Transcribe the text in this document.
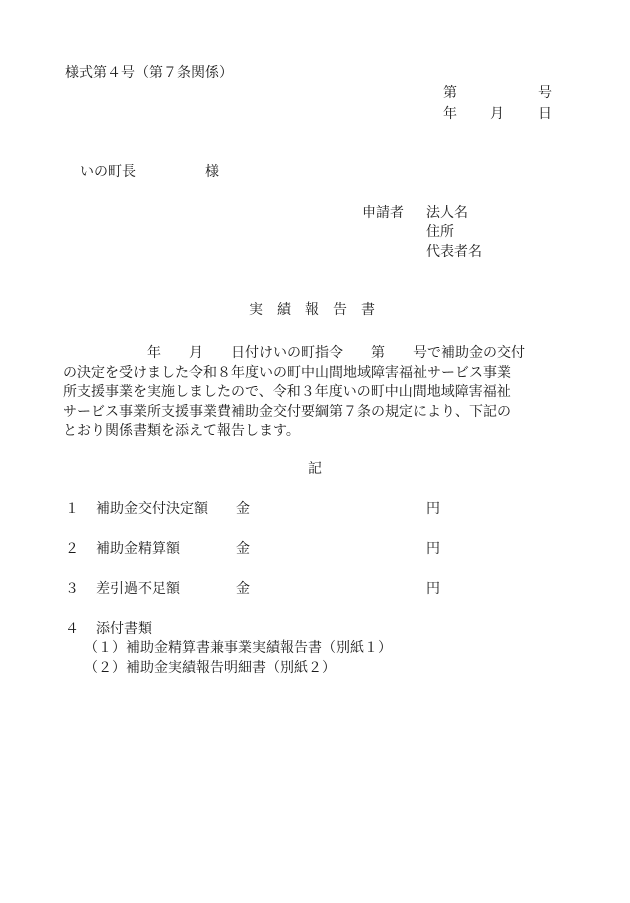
様式第４号（第７条関係）
第	号
年 月 日
いの町長	様
申請者 法人名
住所
代表者名
実績報告書
　　　　　　年　　月　　日付けいの町指令　　第　　号で補助金の交付
の決定を受けました令和８年度いの町中山間地域障害福祉サービス事業
所支援事業を実施しましたので、令和３年度いの町中山間地域障害福祉
サービス事業所支援事業費補助金交付要綱第７条の規定により、下記の
とおり関係書類を添えて報告します。
記
１ 補助金交付決定額 金	円
２ 補助金精算額	金	円
３ 差引過不足額	金	円
４ 添付書類
（１）補助金精算書兼事業実績報告書（別紙１）
（２）補助金実績報告明細書（別紙２）
